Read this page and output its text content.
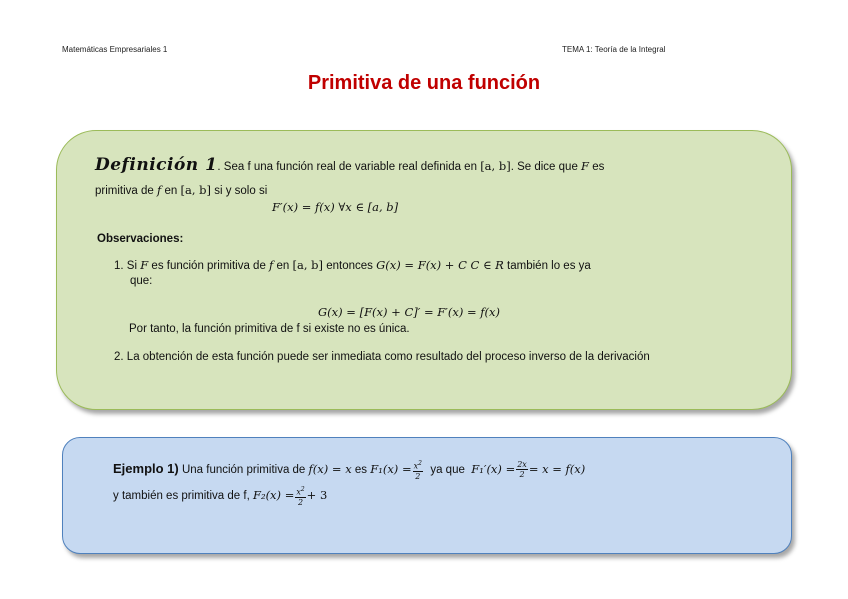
Matemáticas Empresariales 1	TEMA 1: Teoría de la Integral
Primitiva de una función
Definición 1. Sea f una función real de variable real definida en [a, b]. Se dice que F es
primitiva de f en [a, b] si y solo si
F′(x) = f(x) ∀x ∈ [a, b]
Observaciones:
1. Si F es función primitiva de f en [a, b] entonces G(x) = F(x) + C C ∈ R también lo es ya
que:
G(x) = [F(x) + C]′ = F′(x) = f(x)
Por tanto, la función primitiva de f si existe no es única.
2. La obtención de esta función puede ser inmediata como resultado del proceso inverso de la derivación
Ejemplo 1) Una función primitiva de f(x) = x es $F_1(x) = \frac{x^2}{2}$ ya que $F_1'(x) = \frac{2x}{2} = x = f(x)$
y también es primitiva de f, $F_2(x) = \frac{x^2}{2} + 3$
